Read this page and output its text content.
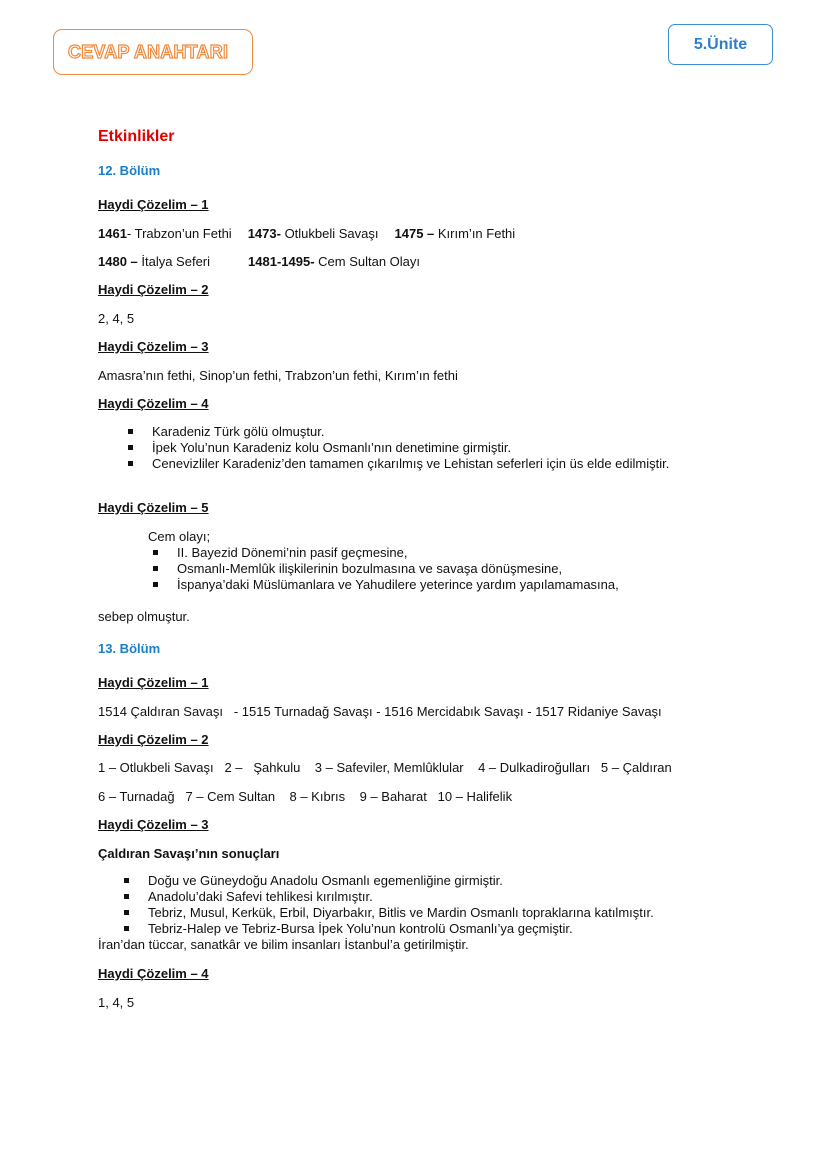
CEVAP ANAHTARI	5.Ünite
Etkinlikler
12. Bölüm
Haydi Çözelim – 1
1461- Trabzon’un Fethi 1473- Otlukbeli Savaşı 1475 – Kırım’ın Fethi
1480 – İtalya Seferi	1481-1495- Cem Sultan Olayı
Haydi Çözelim – 2
2, 4, 5
Haydi Çözelim – 3
Amasra’nın fethi, Sinop’un fethi, Trabzon’un fethi, Kırım’ın fethi
Haydi Çözelim – 4
Karadeniz Türk gölü olmuştur.
İpek Yolu’nun Karadeniz kolu Osmanlı’nın denetimine girmiştir.
Cenevizliler Karadeniz’den tamamen çıkarılmış ve Lehistan seferleri için üs elde edilmiştir.
Haydi Çözelim – 5
Cem olayı;
II. Bayezid Dönemi’nin pasif geçmesine,
Osmanlı-Memlûk ilişkilerinin bozulmasına ve savaşa dönüşmesine,
İspanya’daki Müslümanlara ve Yahudilere yeterince yardım yapılamamasına,
sebep olmuştur.
13. Bölüm
Haydi Çözelim – 1
1514 Çaldıran Savaşı   - 1515 Turnadağ Savaşı - 1516 Mercidabık Savaşı - 1517 Ridaniye Savaşı
Haydi Çözelim – 2
1 – Otlukbeli Savaşı   2 –   Şahkulu    3 – Safeviler, Memlûklular    4 – Dulkadiroğulları   5 – Çaldıran
6 – Turnadağ   7 – Cem Sultan    8 – Kıbrıs    9 – Baharat   10 – Halifelik
Haydi Çözelim – 3
Çaldıran Savaşı’nın sonuçları
Doğu ve Güneydoğu Anadolu Osmanlı egemenliğine girmiştir.
Anadolu’daki Safevi tehlikesi kırılmıştır.
Tebriz, Musul, Kerkük, Erbil, Diyarbakır, Bitlis ve Mardin Osmanlı topraklarına katılmıştır.
Tebriz-Halep ve Tebriz-Bursa İpek Yolu’nun kontrolü Osmanlı’ya geçmiştir.
İran’dan tüccar, sanatkâr ve bilim insanları İstanbul’a getirilmiştir.
Haydi Çözelim – 4
1, 4, 5
